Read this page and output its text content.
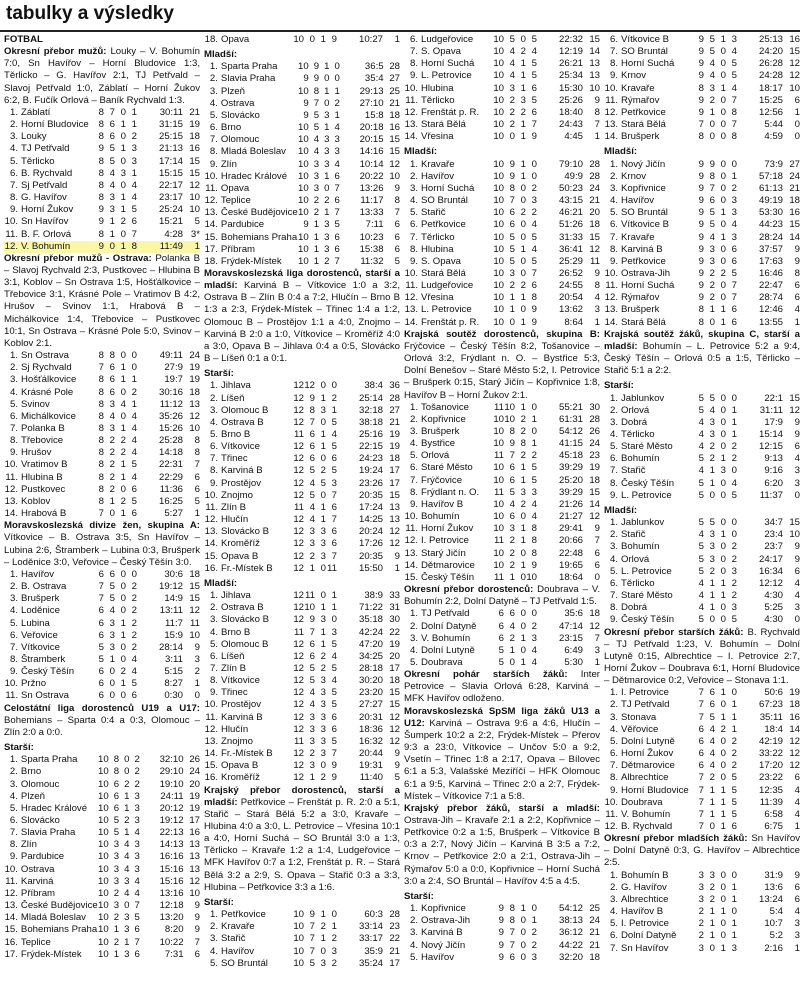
tabulky a výsledky

FOTBAL

Okresní přebor mužů: Louky – V. Bohumín 7:0, Sn Havířov – Horní Bludovice 1:3, Těrlicko – G. Havířov 2:1, TJ Petřvald – Slavoj Petřvald 1:0, Záblatí – Horní Žukov 6:2, B. Fučík Orlová – Baník Rychvald 1:3.

1.	Záblatí	8	7	0	1	30:11	21
2.	Horní Bludovice	8	6	1	1	31:15	19
3.	Louky	8	6	0	2	25:15	18
4.	TJ Petřvald	9	5	1	3	21:13	16
5.	Těrlicko	8	5	0	3	17:14	15
6.	B. Rychvald	8	4	3	1	15:15	15
7.	Sj Petřvald	8	4	0	4	22:17	12
8.	G. Havířov	8	3	1	4	23:17	10
9.	Horní Žukov	9	3	1	5	25:24	10
10.	Sn Havířov	9	1	2	6	15:21	5
11.	B. F. Orlová	8	1	0	7	4:28	3*
12.	V. Bohumín	9	0	1	8	11:49	1

Okresní přebor mužů - Ostrava: Polanka B – Slavoj Rychvald 2:3, Pustkovec – Hlubina B 3:1, Koblov – Sn Ostrava 1:5, Hošťálkovice – Třebovice 3:1, Krásné Pole – Vratimov B 4:2, Hrušov – Svinov 1:1, Hrabová B – Michálkovice 1:4, Třebovice – Pustkovec 10:1, Sn Ostrava – Krásné Pole 5:0, Svinov – Koblov 2:1.

1.	Sn Ostrava	8	8	0	0	49:11	24
2.	Sj Rychvald	7	6	1	0	27:9	19
3.	Hošťálkovice	8	6	1	1	19:7	19
4.	Krásné Pole	8	6	0	2	30:16	18
5.	Svinov	8	3	4	1	11:12	13
6.	Michálkovice	8	4	0	4	35:26	12
7.	Polanka B	8	3	1	4	15:26	10
8.	Třebovice	8	2	2	4	25:28	8
9.	Hrušov	8	2	2	4	14:18	8
10.	Vratimov B	8	2	1	5	22:31	7
11.	Hlubina B	8	2	1	4	22:29	6
12.	Pustkovec	8	2	0	6	11:36	6
13.	Koblov	8	1	2	5	16:25	5
14.	Hrabová B	7	0	1	6	5:27	1

Moravskoslezská divize žen, skupina A: Vítkovice – B. Ostrava 3:5, Sn Havířov – Lubina 2:6, Štramberk – Lubina 0:3, Brušperk – Loděnice 3:0, Veřovice – Český Těšín 3:0.

1.	Havířov	6	6	0	0	30:6	18
2.	B. Ostrava	7	5	0	2	19:12	15
3.	Brušperk	7	5	0	2	14:9	15
4.	Loděnice	6	4	0	2	13:11	12
5.	Lubina	6	3	1	2	11:7	11
6.	Veřovice	6	3	1	2	15:9	10
7.	Vítkovice	5	3	0	2	28:14	9
8.	Štramberk	5	1	0	4	3:11	3
9.	Český Těšín	6	0	2	4	5:15	2
10.	Pržno	6	0	1	5	8:27	1
11.	Sn Ostrava	6	0	0	6	0:30	0

Celostátní liga dorostenců U19 a U17: Bohemians – Sparta 0:4 a 0:3, Olomouc – Zlín 2:0 a 0:0.

Starší:

1.	Sparta Praha	10	8	0	2	32:10	26
2.	Brno	10	8	0	2	29:10	24
3.	Olomouc	10	6	2	2	19:10	20
4.	Plzeň	10	6	1	3	24:11	19
5.	Hradec Králové	10	6	1	3	20:12	19
6.	Slovácko	10	5	2	3	19:12	17
7.	Slavia Praha	10	5	1	4	22:13	16
8.	Zlín	10	3	4	3	14:13	13
9.	Pardubice	10	3	4	3	16:16	13
10.	Ostrava	10	3	4	3	15:16	13
11.	Karviná	10	3	3	4	15:16	12
12.	Příbram	10	2	4	4	13:16	10
13.	České Budějovice	10	3	0	7	12:18	9
14.	Mladá Boleslav	10	2	3	5	13:20	9
15.	Bohemians Praha	10	1	3	6	8:20	9
16.	Teplice	10	2	1	7	10:22	7
17.	Frýdek-Místek	10	1	3	6	7:31	6
18.	Opava	10	0	1	9	10:27	1

Mladší:

1.	Sparta Praha	10	9	1	0	36:5	28
2.	Slavia Praha	9	9	0	0	35:4	27
3.	Plzeň	10	8	1	1	29:13	25
4.	Ostrava	9	7	0	2	27:10	21
5.	Slovácko	9	5	3	1	15:8	18
6.	Brno	10	5	1	4	20:18	16
7.	Olomouc	10	4	3	3	20:15	15
8.	Mladá Boleslav	10	4	3	3	14:16	15
9.	Zlín	10	3	3	4	10:14	12
10.	Hradec Králové	10	3	1	6	20:22	10
11.	Opava	10	3	0	7	13:26	9
12.	Teplice	10	2	2	6	11:17	8
13.	České Budějovice	10	2	1	7	13:33	7
14.	Pardubice	9	1	3	5	7:11	6
15.	Bohemians Praha	10	1	3	6	10:23	6
17.	Příbram	10	1	3	6	15:38	6
18.	Frýdek-Místek	10	1	2	7	11:32	5

Moravskoslezská liga dorostenců, starší a mladší: Karviná B – Vítkovice 1:0 a 3:2, Ostrava B – Zlín B 0:4 a 7:2, Hlučín – Brno B 1:3 a 2:3, Frýdek-Místek – Třinec 1:4 a 1:2, Olomouc B – Prostějov 1:1 a 4:0, Znojmo – Karviná B 2:0 a 1:0, Vítkovice – Kroměříž 4:0 a 3:0, Opava B – Jihlava 0:4 a 0:5, Slovácko B – Líšeň 0:1 a 0:1.

Starší:

1.	Jihlava	12	12	0	0	38:4	36
2.	Líšeň	12	9	1	2	25:14	28
3.	Olomouc B	12	8	3	1	32:18	27
4.	Ostrava B	12	7	0	5	38:18	21
5.	Brno B	11	6	1	4	25:16	19
6.	Vítkovice	12	6	1	5	22:15	19
7.	Třinec	12	6	0	6	24:23	18
8.	Karviná B	12	5	2	5	19:24	17
9.	Prostějov	12	4	5	3	23:26	17
10.	Znojmo	12	5	0	7	20:35	15
11.	Zlín B	11	4	1	6	17:24	13
12.	Hlučín	12	4	1	7	14:25	13
13.	Slovácko B	12	3	3	6	20:24	12
14.	Kroměříž	12	3	3	6	17:26	12
15.	Opava B	12	2	3	7	20:35	9
16.	Fr.-Místek B	12	1	0	11	15:50	1

Mladší:

1.	Jihlava	12	11	0	1	38:9	33
2.	Ostrava B	12	10	1	1	71:22	31
3.	Slovácko B	12	9	3	0	35:18	30
4.	Brno B	11	7	1	3	42:24	22
5.	Olomouc B	12	6	1	5	47:20	19
6.	Líšeň	12	6	2	4	34:25	20
7.	Zlín B	12	5	2	5	28:18	17
8.	Vítkovice	12	5	3	4	30:20	18
9.	Třinec	12	4	3	5	23:20	15
10.	Prostějov	12	4	3	5	27:27	15
11.	Karviná B	12	3	3	6	20:31	12
12.	Hlučín	12	3	3	6	18:36	12
13.	Znojmo	11	3	3	5	16:32	12
14.	Fr.-Místek B	12	2	3	7	20:44	9
15.	Opava B	12	3	0	9	19:31	9
16.	Kroměříž	12	1	2	9	11:40	5

Krajský přebor dorostenců, starší a mladší: Petřkovice – Frenštát p. R. 2:0 a 5:1, Stařič – Stará Bělá 5:2 a 3:0, Kravaře – Hlubina 4:0 a 3:0, L. Petrovice – Vřesina 10:1 a 4:0, Horní Suchá – SO Bruntál 3:0 a 1:3, Těrlicko – Kravaře 1:2 a 1:4, Ludgeřovice – MFK Havířov 0:7 a 1:2, Frenštát p. R. – Stará Bělá 3:2 a 2:9, S. Opava – Stařič 0:3 a 3:3, Hlubina – Petřkovice 3:3 a 1:6.

Starší:

1.	Petřkovice	10	9	1	0	60:3	28
2.	Kravaře	10	7	2	1	33:14	23
3.	Stařič	10	7	1	2	33:17	22
4.	Havířov	10	7	0	3	35:9	21
5.	SO Bruntál	10	5	3	2	35:24	17
6.	Ludgeřovice	10	5	0	5	22:32	15
7.	S. Opava	10	4	2	4	12:19	14
8.	Horní Suchá	10	4	1	5	26:21	13
9.	L. Petrovice	10	4	1	5	25:34	13
10.	Hlubina	10	3	1	6	15:30	10
11.	Těrlicko	10	2	3	5	25:26	9
12.	Frenštát p. R.	10	2	2	6	18:40	8
13.	Stará Bělá	10	2	1	7	24:43	7
14.	Vřesina	10	0	1	9	4:45	1

Mladší:

1.	Kravaře	10	9	1	0	79:10	28
2.	Havířov	10	9	1	0	49:9	28
3.	Horní Suchá	10	8	0	2	50:23	24
4.	SO Bruntál	10	7	0	3	43:15	21
5.	Stařič	10	6	2	2	46:21	20
6.	Petřkovice	10	6	0	4	51:26	18
7.	Těrlicko	10	5	0	5	31:33	15
8.	Hlubina	10	5	1	4	36:41	12
9.	S. Opava	10	5	0	5	25:29	11
10.	Stará Bělá	10	3	0	7	26:52	9
11.	Ludgeřovice	10	2	2	6	24:55	8
12.	Vřesina	10	1	1	8	20:54	4
13.	L. Petrovice	10	1	0	9	13:62	3
14.	Frenštát p. R.	10	0	1	9	8:64	1

Krajská soutěž dorostenců, skupina B: Frýčovice – Český Těšín 8:2, Tošanovice – Orlová 3:2, Frýdlant n. O. – Bystřice 5:3, Dolní Benešov – Staré Město 5:2, I. Petrovice – Brušperk 0:15, Starý Jičín – Kopřivnice 1:8, Havířov B – Horní Žukov 2:1.

1.	Tošanovice	11	10	1	0	55:21	30
2.	Kopřivnice	10	10	2	1	61:31	28
3.	Brušperk	10	8	2	0	54:12	26
4.	Bystřice	10	9	8	1	41:15	24
5.	Orlová	11	7	2	2	45:18	23
6.	Staré Město	10	6	1	5	39:29	19
7.	Frýčovice	10	6	1	5	25:20	18
8.	Frýdlant n. O.	11	5	3	3	39:29	15
9.	Havířov B	10	4	2	4	21:26	14
10.	Bohumín	10	6	0	4	21:27	12
11.	Horní Žukov	10	3	1	8	29:41	9
12.	I. Petrovice	11	2	1	8	20:66	7
13.	Starý Jičín	10	2	0	8	22:48	6
14.	Dětmarovice	10	2	1	9	19:65	6
15.	Český Těšín	11	1	0	10	18:64	0

Okresní přebor dorostenců: Doubrava – V. Bohumín 2:2, Dolní Datyně – TJ Petřvald 1:5.

1.	TJ Petřvald	6	6	0	0	35:6	18
2.	Dolní Datyně	6	4	0	2	47:14	12
3.	V. Bohumín	6	2	1	3	23:15	7
4.	Dolní Lutyně	5	1	0	4	6:49	3
5.	Doubrava	5	0	1	4	5:30	1

Okresní pohár starších žáků: Inter Petrovice – Slavia Orlová 6:28, Karviná – MFK Havířov odloženo.

Moravskoslezská SpSM liga žáků U13 a U12: Karviná – Ostrava 9:6 a 4:6, Hlučín – Šumperk 10:2 a 2:2, Frýdek-Místek – Přerov 9:3 a 23:0, Vítkovice – Unčov 5:0 a 9:2, Vsetín – Třinec 1:8 a 2:17, Opava – Bílovec 6:1 a 5:3, Valašské Meziříčí – HFK Olomouc 6:1 a 9:5, Karviná – Třinec 2:0 a 2:7, Frýdek-Místek – Vítkovice 7:1 a 5:8.

Krajský přebor žáků, starší a mladší: Ostrava-Jih – Kravaře 2:1 a 2:2, Kopřivnice – Petřkovice 0:2 a 1:5, Brušperk – Vítkovice B 0:3 a 2:7, Nový Jičín – Karviná B 3:5 a 7:2, Krnov – Petřkovice 2:0 a 2:1, Ostrava-Jih – Rýmařov 5:0 a 0:0, Kopřivnice – Horní Suchá 3:0 a 2:4, SO Bruntál – Havířov 4:5 a 4:5.

Starší:

1.	Kopřivnice	9	8	1	0	54:12	25
2.	Ostrava-Jih	9	8	0	1	38:13	24
3.	Karviná B	9	7	0	2	36:12	21
4.	Nový Jičín	9	7	0	2	44:22	21
5.	Havířov	9	6	0	3	32:20	18
6.	Vítkovice B	9	5	1	3	25:13	16
7.	SO Bruntál	9	5	0	4	24:20	15
8.	Horní Suchá	9	4	0	5	26:28	12
9.	Krnov	9	4	0	5	24:28	12
10.	Kravaře	8	3	1	4	18:17	10
11.	Rýmařov	9	2	0	7	15:25	6
12.	Petřkovice	9	1	0	8	12:56	1
13.	Stará Bělá	7	0	0	7	5:44	0
14.	Brušperk	8	0	0	8	4:59	0

Mladší:

1.	Nový Jičín	9	9	0	0	73:9	27
2.	Krnov	9	8	0	1	57:18	24
3.	Kopřivnice	9	7	0	2	61:13	21
4.	Havířov	9	6	0	3	49:19	18
5.	SO Bruntál	9	5	1	3	53:30	16
6.	Vítkovice B	9	5	0	4	44:23	15
7.	Kravaře	9	4	1	3	28:24	14
8.	Karviná B	9	3	0	6	37:57	9
9.	Petřkovice	9	3	0	6	17:63	9
10.	Ostrava-Jih	9	2	2	5	16:46	8
11.	Horní Suchá	9	2	0	7	22:47	6
12.	Rýmařov	9	2	0	7	28:74	6
13.	Brušperk	8	1	1	6	12:46	4
14.	Stará Bělá	8	0	1	6	13:55	1

Krajská soutěž žáků, skupina C, starší a mladší: Bohumín – L. Petrovice 5:2 a 9:4, Český Těšín – Orlová 0:5 a 1:5, Těrlicko – Stařič 5:1 a 2:2.

Starší:

1.	Jablunkov	5	5	0	0	22:1	15
2.	Orlová	5	4	0	1	31:11	12
3.	Dobrá	4	3	0	1	17:9	9
4.	Těrlicko	4	3	0	1	15:14	9
5.	Staré Město	4	2	0	2	12:15	6
6.	Bohumín	5	2	1	2	9:13	4
7.	Stařič	4	1	3	0	9:16	3
8.	Český Těšín	5	1	0	4	6:20	3
9.	L. Petrovice	5	0	0	5	11:37	0

Mladší:

1.	Jablunkov	5	5	0	0	34:7	15
2.	Stařič	4	3	1	0	23:4	10
3.	Bohumín	5	3	0	2	23:7	9
4.	Orlová	5	3	0	2	24:17	9
5.	L. Petrovice	5	2	0	3	16:34	6
6.	Těrlicko	4	1	1	2	12:12	4
7.	Staré Město	4	1	1	2	4:30	4
8.	Dobrá	4	1	0	3	5:25	3
9.	Český Těšín	5	0	0	5	4:30	0

Okresní přebor starších žáků: B. Rychvald – TJ Petřvald 1:23, V. Bohumín – Dolní Lutyně 0:15, Albrechtice – I. Petrovice 2:7, Horní Žukov – Doubrava 6:1, Horní Bludovice – Dětmarovice 0:2, Veřovice – Stonava 1:1.

1.	I. Petrovice	7	6	1	0	50:6	19
2.	TJ Petřvald	7	6	0	1	67:23	18
3.	Stonava	7	5	1	1	35:11	16
4.	Věřovice	6	4	2	1	18:4	14
5.	Dolní Lutyně	6	4	0	2	42:19	12
6.	Horní Žukov	6	4	0	2	33:22	12
7.	Dětmarovice	6	4	0	2	17:20	12
8.	Albrechtice	7	2	0	5	23:22	6
9.	Horní Bludovice	7	1	1	5	12:35	4
10.	Doubrava	7	1	1	5	11:39	4
11.	V. Bohumín	7	1	1	5	6:58	4
12.	B. Rychvald	7	0	1	6	6:75	1

Okresní přebor mladších žáků: Sn Havířov – Dolní Datyně 0:3, G. Havířov – Albrechtice 2:5.

1.	Bohumín B	3	3	0	0	31:9	9
2.	G. Havířov	3	2	0	1	13:6	6
3.	Albrechtice	3	2	0	1	13:24	6
4.	Havířov B	2	1	1	0	5:4	4
5.	I. Petrovice	2	1	0	1	10:7	3
6.	Dolní Datyně	2	1	0	1	5:2	3
7.	Sn Havířov	3	0	1	3	2:16	1
